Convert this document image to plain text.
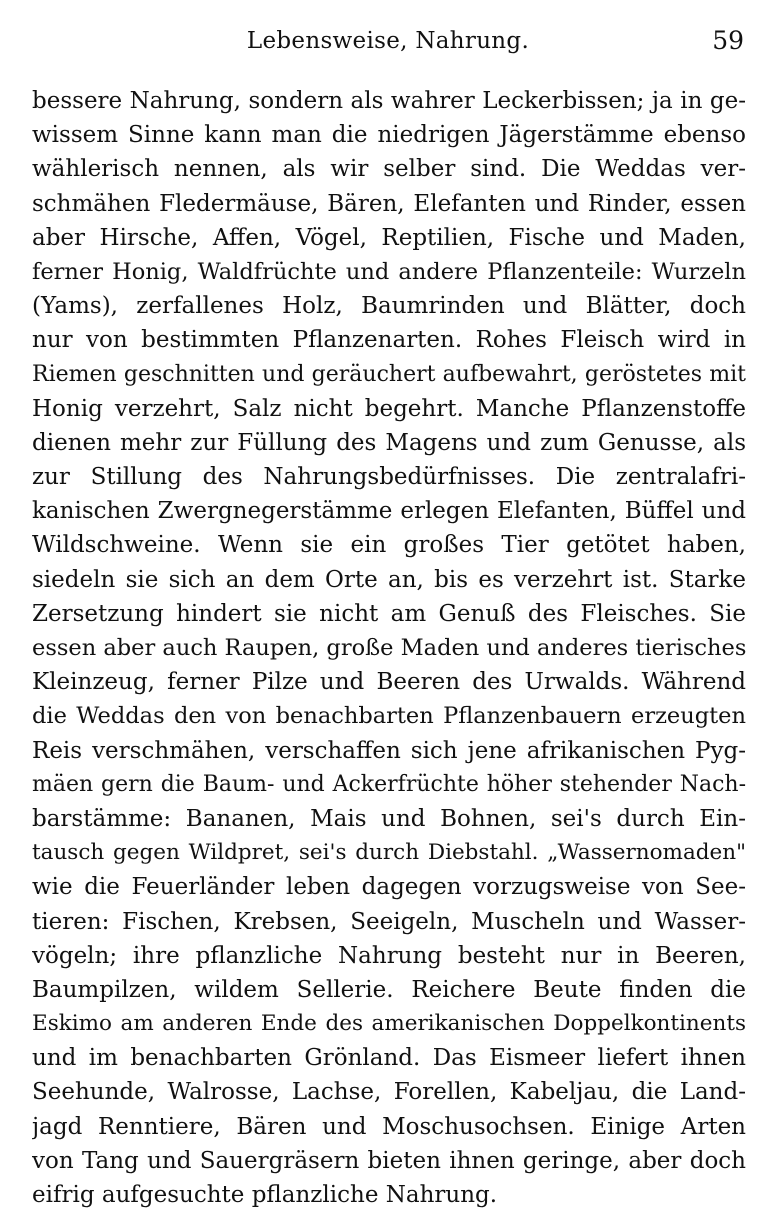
Lebensweise, Nahrung.	59
bessere Nahrung, sondern als wahrer Leckerbissen; ja in ge-
wissem Sinne kann man die niedrigen Jägerstämme ebenso
wählerisch nennen, als wir selber sind. Die Weddas ver-
schmähen Fledermäuse, Bären, Elefanten und Rinder, essen
aber Hirsche, Affen, Vögel, Reptilien, Fische und Maden,
ferner Honig, Waldfrüchte und andere Pflanzenteile: Wurzeln
(Yams), zerfallenes Holz, Baumrinden und Blätter, doch
nur von bestimmten Pflanzenarten. Rohes Fleisch wird in
Riemen geschnitten und geräuchert aufbewahrt, geröstetes mit
Honig verzehrt, Salz nicht begehrt. Manche Pflanzenstoffe
dienen mehr zur Füllung des Magens und zum Genusse, als
zur Stillung des Nahrungsbedürfnisses. Die zentralafri-
kanischen Zwergnegerstämme erlegen Elefanten, Büffel und
Wildschweine. Wenn sie ein großes Tier getötet haben,
siedeln sie sich an dem Orte an, bis es verzehrt ist. Starke
Zersetzung hindert sie nicht am Genuß des Fleisches. Sie
essen aber auch Raupen, große Maden und anderes tierisches
Kleinzeug, ferner Pilze und Beeren des Urwalds. Während
die Weddas den von benachbarten Pflanzenbauern erzeugten
Reis verschmähen, verschaffen sich jene afrikanischen Pyg-
mäen gern die Baum- und Ackerfrüchte höher stehender Nach-
barstämme: Bananen, Mais und Bohnen, sei's durch Ein-
tausch gegen Wildpret, sei's durch Diebstahl. „Wassernomaden"
wie die Feuerländer leben dagegen vorzugsweise von See-
tieren: Fischen, Krebsen, Seeigeln, Muscheln und Wasser-
vögeln; ihre pflanzliche Nahrung besteht nur in Beeren,
Baumpilzen, wildem Sellerie. Reichere Beute finden die
Eskimo am anderen Ende des amerikanischen Doppelkontinents
und im benachbarten Grönland. Das Eismeer liefert ihnen
Seehunde, Walrosse, Lachse, Forellen, Kabeljau, die Land-
jagd Renntiere, Bären und Moschusochsen. Einige Arten
von Tang und Sauergräsern bieten ihnen geringe, aber doch
eifrig aufgesuchte pflanzliche Nahrung.
